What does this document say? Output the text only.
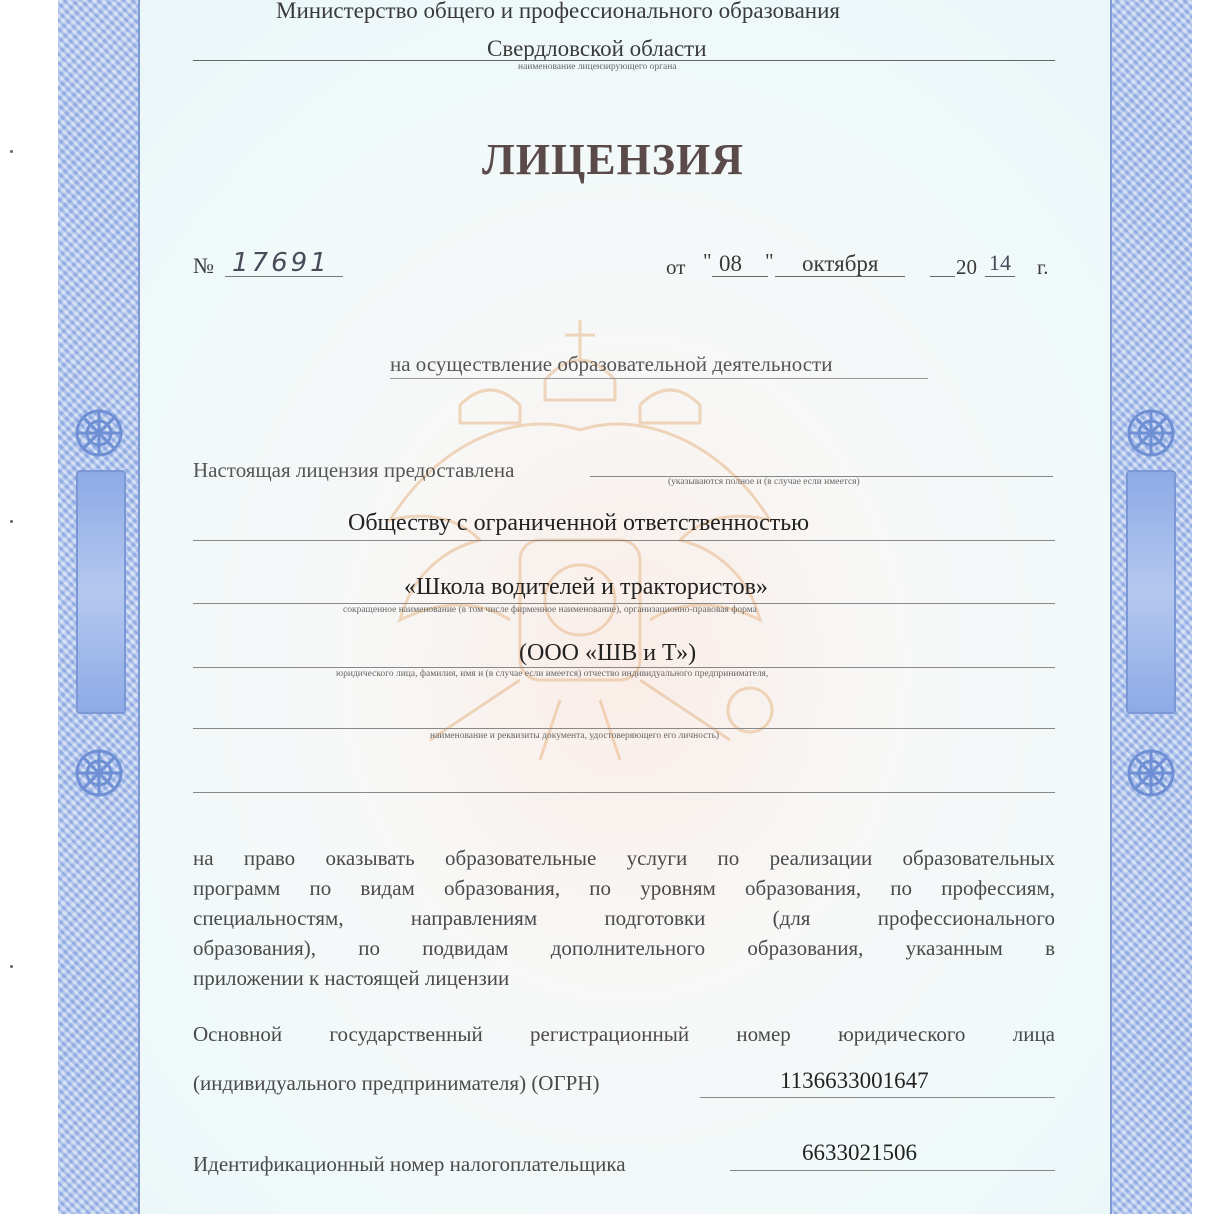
Министерство общего и профессионального образования
Свердловской области
наименование лицензирующего органа
ЛИЦЕНЗИЯ
№ 17691	от " 08 " октября	20 14 г.
на осуществление образовательной деятельности
Настоящая лицензия предоставлена	(указываются полное и (в случае если имеется)
Обществу с ограниченной ответственностью
«Школа водителей и трактористов»
сокращенное наименование (в том числе фирменное наименование), организационно-правовая форма
(ООО «ШВ и Т»)
юридического лица, фамилия, имя и (в случае если имеется) отчество индивидуального предпринимателя,
наименование и реквизиты документа, удостоверяющего его личность)
на право оказывать образовательные услуги по реализации образовательных
программ по видам образования, по уровням образования, по профессиям,
специальностям, направлениям подготовки (для профессионального
образования), по подвидам дополнительного образования, указанным в
приложении к настоящей лицензии
Основной государственный регистрационный номер юридического лица
(индивидуального предпринимателя) (ОГРН)	1136633001647
Идентификационный номер налогоплательщика	6633021506
